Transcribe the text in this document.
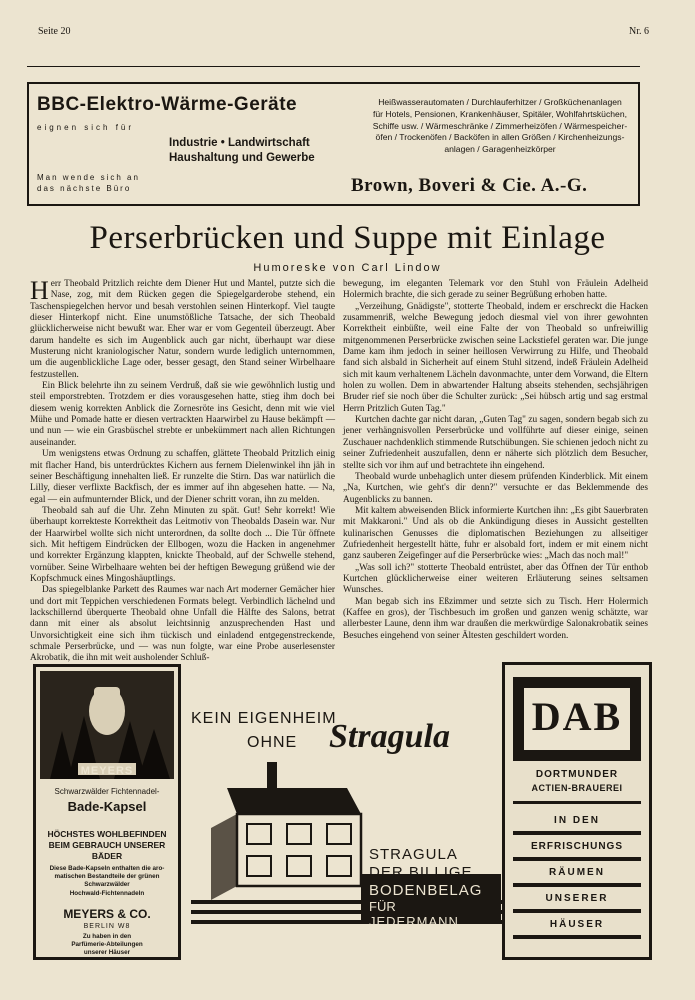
Seite 20	Nr. 6
BBC-Elektro-Wärme-Geräte
eignen sich für
Industrie • Landwirtschaft
Haushaltung und Gewerbe
Man wende sich an
das nächste Büro	Brown, Boveri & Cie. A.-G.
Heißwasserautomaten / Durchlauferhitzer / Großküchenanlagen
für Hotels, Pensionen, Krankenhäuser, Spitäler, Wohlfahrtsküchen,
Schiffe usw. / Wärmeschränke / Zimmerheizöfen / Wärmespeicher-
öfen / Trockenöfen / Backöfen in allen Größen / Kirchenheizungs-
anlagen / Garagenheizkörper
Perserbrücken und Suppe mit Einlage
Humoreske von Carl Lindow

Herr Theobald Pritzlich reichte dem Diener Hut und Mantel, putzte sich die Nase, zog, mit dem Rücken gegen die Spiegelgarderobe stehend, ein Taschenspiegelchen hervor und besah verstohlen seinen Hinterkopf. Viel taugte dieser Hinterkopf nicht. Eine unumstößliche Tatsache, der sich Theobald glücklicherweise nicht bewußt war. Eher war er vom Gegenteil überzeugt. Aber darum handelte es sich im Augenblick auch gar nicht, überhaupt war diese Musterung nicht kraniologischer Natur, sondern wurde lediglich unternommen, um die augenblickliche Lage oder, besser gesagt, den Stand seiner Wirbelhaare festzustellen.

Ein Blick belehrte ihn zu seinem Verdruß, daß sie wie gewöhnlich lustig und steil emporstrebten. Trotzdem er dies vorausgesehen hatte, stieg ihm doch bei diesem wenig korrekten Anblick die Zornesröte ins Gesicht, denn mit wie viel Mühe und Pomade hatte er diesen vertrackten Haarwirbel zu Hause bekämpft — und nun — wie ein Grasbüschel strebte er unbekümmert nach allen Richtungen auseinander.

Um wenigstens etwas Ordnung zu schaffen, glättete Theobald Pritzlich einig mit flacher Hand, bis unterdrücktes Kichern aus fernem Dielenwinkel ihn jäh in seiner Beschäftigung innehalten ließ. Er runzelte die Stirn. Das war natürlich die Lilly, dieser verflixte Backfisch, der es immer auf ihn abgesehen hatte. — Na, egal — ein aufmunternder Blick, und der Diener schritt voran, ihn zu melden.

Theobald sah auf die Uhr. Zehn Minuten zu spät. Gut! Sehr korrekt! Wie überhaupt korrekteste Korrektheit das Leitmotiv von Theobalds Dasein war. Nur der Haarwirbel wollte sich nicht unterordnen, da sollte doch ... Die Tür öffnete sich. Mit heftigem Eindrücken der Ellbogen, wozu die Hacken in angenehmer und korrekter Ergänzung klappten, knickte Theobald, auf der Schwelle stehend, vornüber. Seine Wirbelhaare wehten bei der heftigen Bewegung grüßend wie der Kopfschmuck eines Mingoshäuptlings.

Das spiegelblanke Parkett des Raumes war nach Art moderner Gemächer hier und dort mit Teppichen verschiedenen Formats belegt. Verbindlich lächelnd und lackschillernd überquerte Theobald ohne Unfall die Hälfte des Salons, betrat dann mit einer als absolut leichtsinnig anzusprechenden Hast und Unvorsichtigkeit eine sich ihm tückisch und einladend entgegenstreckende, schmale Perserbrücke, und — was nun folgte, war eine Probe auserlesenster Akrobatik, die ihn mit weit ausholender Schluß-

bewegung, im eleganten Telemark vor den Stuhl von Fräulein Adelheid Holermich brachte, die sich gerade zu seiner Begrüßung erhoben hatte.

„Verzeihung, Gnädigste", stotterte Theobald, indem er erschreckt die Hacken zusammenriß, welche Bewegung jedoch diesmal viel von ihrer gewohnten Korrektheit einbüßte, weil eine Falte der von Theobald so unfreiwillig mitgenommenen Perserbrücke zwischen seine Lackstiefel geraten war. Die junge Dame kam ihm jedoch in seiner heillosen Verwirrung zu Hilfe, und Theobald fand sich alsbald in Sicherheit auf einem Stuhl sitzend, indeß Fräulein Adelheid sich mit kaum verhaltenem Lächeln davonmachte, unter dem Vorwand, die Eltern holen zu wollen. Dem in abwartender Haltung abseits stehenden, sechsjährigen Bruder rief sie noch über die Schulter zurück: „Sei hübsch artig und sag erstmal Herrn Pritzlich Guten Tag."

Kurtchen dachte gar nicht daran, „Guten Tag" zu sagen, sondern begab sich zu jener verhängnisvollen Perserbrücke und vollführte auf dieser einige, seinen Zuschauer nachdenklich stimmende Rutschübungen. Sie schienen jedoch nicht zu seiner Zufriedenheit auszufallen, denn er näherte sich plötzlich dem Besucher, stellte sich vor ihm auf und betrachtete ihn eingehend.

Theobald wurde unbehaglich unter diesem prüfenden Kinderblick. Mit einem „Na, Kurtchen, wie geht's dir denn?" versuchte er das Beklemmende des Augenblicks zu bannen.

Mit kaltem abweisenden Blick informierte Kurtchen ihn: „Es gibt Sauerbraten mit Makkaroni." Und als ob die Ankündigung dieses in Aussicht gestellten kulinarischen Genusses die diplomatischen Beziehungen zu allseitiger Zufriedenheit hergestellt hätte, fuhr er alsobald fort, indem er mit einem nicht ganz sauberen Zeigefinger auf die Perserbrücke wies: „Mach das noch mal!"

„Was soll ich?" stotterte Theobald entrüstet, aber das Öffnen der Tür enthob Kurtchen glücklicherweise einer weiteren Erläuterung seines seltsamen Wunsches.

Man begab sich ins Eßzimmer und setzte sich zu Tisch. Herr Holermich (Kaffee en gros), der Tischbesuch im großen und ganzen wenig schätzte, war allerbester Laune, denn ihm war draußen die merkwürdige Salonakrobatik seines Besuches eingehend von seiner Ältesten geschildert worden.

MEYERS
Schwarzwälder Fichtennadel-
Bade-Kapsel
HÖCHSTES WOHLBEFINDEN
BEIM GEBRAUCH UNSERER
BÄDER
Diese Bade-Kapseln enthalten die aro-
matischen Bestandteile der grünen
Schwarzwälder
Hochwald-Fichtennadeln
MEYERS & CO.
BERLIN W8
Zu haben in den
Parfümerie-Abteilungen
unserer Häuser
KEIN EIGENHEIM
OHNE Stragula
STRAGULA
DER BILLIGE
BODENBELAG
FÜR
JEDERMANN
DAB
DORTMUNDER
ACTIEN-BRAUEREI
IN DEN
ERFRISCHUNGS
RÄUMEN
UNSERER
HÄUSER
